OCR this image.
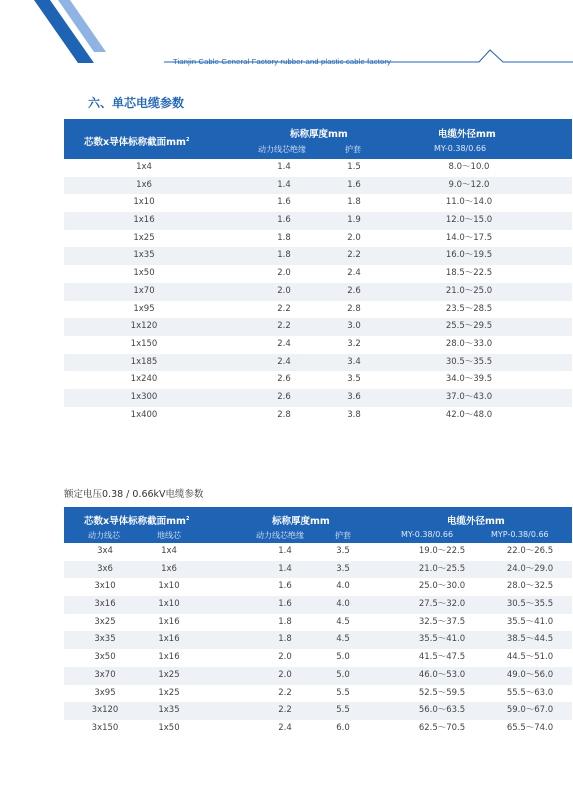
Tianjin Cable General Factory rubber and plastic cable factory
六、单芯电缆参数
芯数x导体标称截面$mm^2$	标称厚度mm
动力线芯绝缘	护套
电缆外径mm
MY-0.38/0.66
1x4	1.4	1.5	8.0～10.0
1x6	1.4	1.6	9.0～12.0
1x10	1.6	1.8	11.0～14.0
1x16	1.6	1.9	12.0～15.0
1x25	1.8	2.0	14.0～17.5
1x35	1.8	2.2	16.0～19.5
1x50	2.0	2.4	18.5～22.5
1x70	2.0	2.6	21.0～25.0
1x95	2.2	2.8	23.5～28.5
1x120	2.2	3.0	25.5～29.5
1x150	2.4	3.2	28.0～33.0
1x185	2.4	3.4	30.5～35.5
1x240	2.6	3.5	34.0～39.5
1x300	2.6	3.6	37.0～43.0
1x400	2.8	3.8	42.0～48.0
额定电压0.38 / 0.66kV电缆参数
芯数x导体标称截面$mm^2$
动力线芯	地线芯
标称厚度mm
动力线芯绝缘	护套
电缆外径mm
MY-0.38/0.66	MYP-0.38/0.66
3x4	1x4	1.4	3.5	19.0～22.5	22.0～26.5
3x6	1x6	1.4	3.5	21.0～25.5	24.0～29.0
3x10	1x10	1.6	4.0	25.0～30.0	28.0～32.5
3x16	1x10	1.6	4.0	27.5～32.0	30.5～35.5
3x25	1x16	1.8	4.5	32.5～37.5	35.5～41.0
3x35	1x16	1.8	4.5	35.5～41.0	38.5～44.5
3x50	1x16	2.0	5.0	41.5～47.5	44.5～51.0
3x70	1x25	2.0	5.0	46.0～53.0	49.0～56.0
3x95	1x25	2.2	5.5	52.5～59.5	55.5～63.0
3x120	1x35	2.2	5.5	56.0～63.5	59.0～67.0
3x150	1x50	2.4	6.0	62.5～70.5	65.5～74.0
